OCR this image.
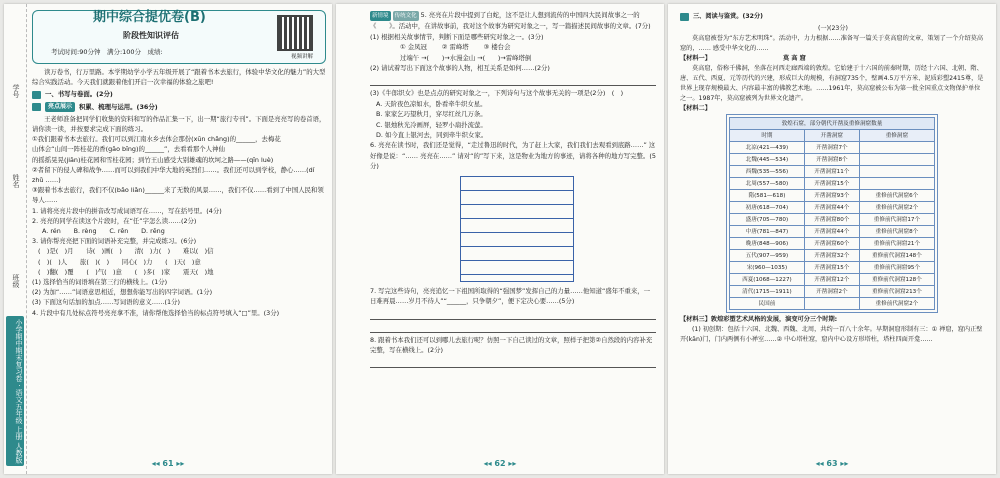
学号
姓名
班级
小学期中期末复习卷 · 语文五年级 上册 人教版
期中综合提优卷(B)
阶段性知识评估
考试时间:90分钟　满分:100分　成绩:
视频讲解
读万卷书，行万里路。本学期幼学小学五年级开展了“跟着书本去旅行，体验中华文化的魅力”的大型综合实践活动。今天我们就跟着他们开启一次幸福的体验之旅吧!
一、书写与卷面。(2分)
亮点展示	积累、梳理与运用。(36分)
王老师准备把同学们收集的资料和写的作品汇集一下，出一期“旅行专刊”。下面是亮亮写的卷首语，请你读一读，并按要求完成下面的练习。
①我们跟着书本去旅行。我们可以到江南水乡去体会那份(xūn chǎng)的______，去梅花
山体会“山间一阵桂花的香(gāo bīng)的______”，去看看那个人神仙
的摇摇晃晃(jiān)桂花园和雪桂花园；到竹王山感受大别雄魂的坎坷之路——(qīn luè)
②者留下的侵人碑和战争……而可以到我们中华大地的英烈们……。我们还可以到学校，静心……(dí zhǔ ……)
③跟着书本去旅行，我们不仅(bǎo liǎn)______来了无数的风景……，我们不仅……看到了中国人民和领导人……
1. 请将亮亮片段中的拼音改写成词语写在……，写在括号里。(4分)
2. 亮亮的同学在读这个片段时，在“任”字怎么读……(2分)
A. rén　　B. rèng　　C. rěn　　D. rēng
3. 请你帮亮亮把下面的词语补充完整，并完成练习。(6分)
(　)是(　)月　　诗(　)画(　)　　清(　)力(　)　　难以(　)信
(　)(　)人　　旅(　)(　)　　同心(　)力　　(　)天(　)意
(　)翻(　)覆　　(　)气(　)意　　(　)多(　)家　　震天(　)地
(1) 选择恰当的词语填在第三行的横线上。(1分)
(2) 为加“……”词语意思相近，想想你能写出的四字词语。(1分)
(3) 下面这句话加的加点……写词语的意义……(1分)
4. 片段中有几处标点符号亮亮拿不准，请你帮他选择恰当的标点符号填入“□”里。(3分)
◂◂ 61 ▸▸
新情境 传统文化 5. 亮亮在片段中提到了白蛇，这不是让人想到流传的中国四大民间故事之一的《　　》。活动中，在讲故事前，我对这个故事为研究对象之一，写一篇描述民间故事的文章。(7分)
(1) 根据相关故事情节，判断下面是哪些研究对象之一。(3分)
① 金凤冠　　 ② 雷峰塔　　 ③ 楼台会
过端午 →(　　)→水漫金山 →(　　)→雷峰塔倒
(2) 请试着写出下面这个故事的人物，相互关系是如何……(2分)
(3)《牛郎织女》也是点点的研究对象之一，下列诗句与这个故事无关的一项是(2分)　(　)
A. 天阶夜色凉如水，卧看牵牛织女星。
B. 家家乞巧望秋月，穿尽红丝几万条。
C. 银烛秋光冷画屏，轻罗小扇扑流萤。
D. 如今直上银河去，同到牵牛织女家。
6. 亮亮在读书时，我们还是觉得，“走过鲁迅的时代，为了赶上大家，我们我们去观看到底路……” 这好像是说：“…… 亮亮在……” 请对“的”写下来，这是物业为地方的事迹，请将各种的地方写完整。(5分)
7. 写完这些诗句，亮亮追忆一下祖国所取得的“强国梦”发挥自己的力量……他知道“盛年不重来，一日难再晨……岁月不待人”“______，只争朝夕”，便下定决心要……(5分)
8. 跟着书本我们还可以到哪儿去旅行呢？仿照一下自己读过的文章，照样子把第②自然段的内容补充完整，写在横线上。(2分)
◂◂ 62 ▸▸
三、阅读与鉴赏。(32分)
(一)(23分)
莫高窟被誉为“东方艺术明珠”。活动中，力力根据……准备写一篇关于莫高窟的文章，策划了一个介绍莫高窟的，…… 感受中华文化的……
【材料一】	莫 高 窟
莫高窟，俗称千佛洞，坐落在河西走廊西端的敦煌。它始建于十六国的前秦时期，历经十六国、北朝、隋、唐、五代、西夏、元等历代的兴建，形成巨大的规模，有洞窟735个，壁画4.5万平方米、泥质彩塑2415尊，是世界上现存规模最大、内容最丰富的佛教艺术地。……1961年，莫高窟被公布为第一批全国重点文物保护单位之一。1987年，莫高窟被列为世界文化遗产。
【材料二】
敦煌石窟，部分朝代开凿及重修洞窟数量		
时期	开凿洞窟	重修洞窟
北凉(421—439)	开凿洞窟7个	
北魏(445—534)	开凿洞窟8个	
西魏(535—556)	开凿洞窟11个	
北周(557—580)	开凿洞窟15个	
隋(581—618)	开凿洞窟93个	重修前代洞窟6个
初唐(618—704)	开凿洞窟44个	重修前代洞窟2个
盛唐(705—780)	开凿洞窟80个	重修前代洞窟17个
中唐(781—847)	开凿洞窟44个	重修前代洞窟8个
晚唐(848—906)	开凿洞窟60个	重修前代洞窟21个
五代(907—959)	开凿洞窟32个	重修前代洞窟148个
宋(960—1035)	开凿洞窟15个	重修前代洞窟95个
西夏(1068—1227)	开凿洞窟12个	重修前代洞窟128个
清代(1715—1911)	开凿洞窟2个	重修前代洞窟213个
民国前		重修前代洞窟2个
【材料三】敦煌彩塑艺术风格的发展，演变可分三个时期:
(1) 初创期：包括十六国、北魏、西魏、北周，共约一百八十余年。早期洞窟形制有三：① 禅窟，窟内正壁开(kān)门，门内两侧有小禅室……② 中心塔柱窟，窟内中心设方形塔柱，塔柱四面开龛……
◂◂ 63 ▸▸
